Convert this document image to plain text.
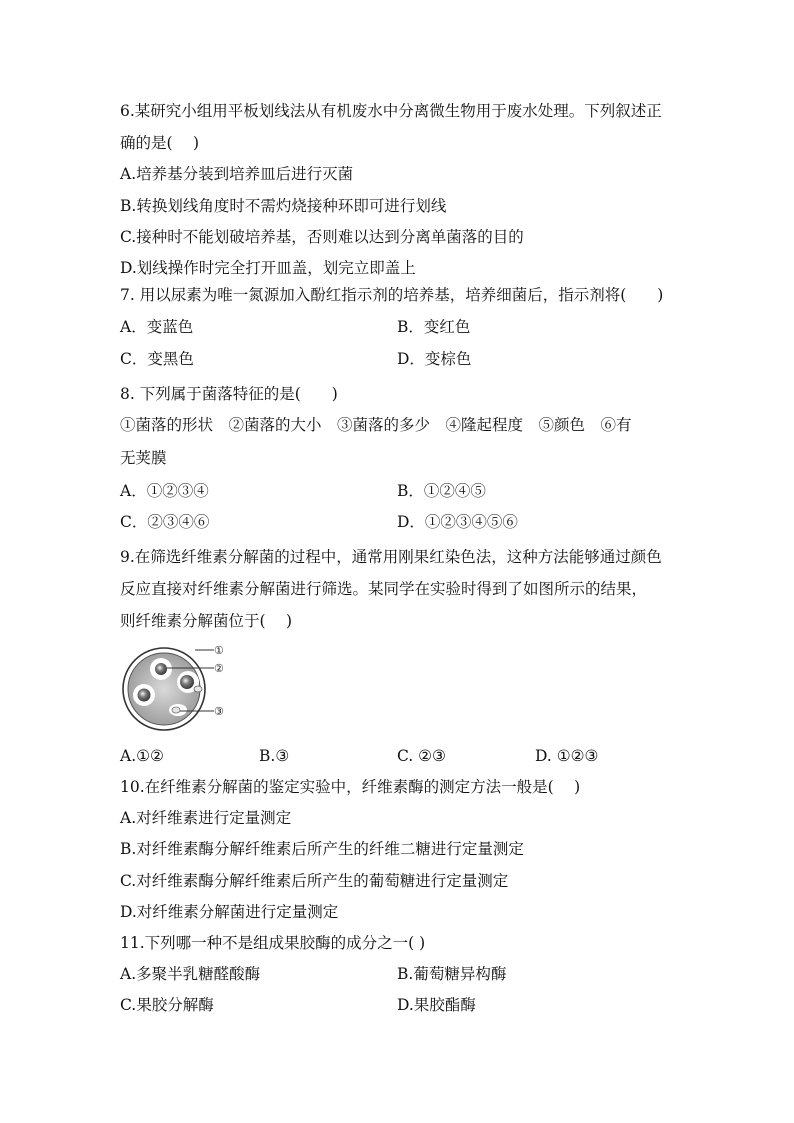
6.某研究小组用平板划线法从有机废水中分离微生物用于废水处理。下列叙述正
确的是(　 )
A.培养基分装到培养皿后进行灭菌
B.转换划线角度时不需灼烧接种环即可进行划线
C.接种时不能划破培养基，否则难以达到分离单菌落的目的
D.划线操作时完全打开皿盖，划完立即盖上
7. 用以尿素为唯一氮源加入酚红指示剂的培养基，培养细菌后，指示剂将(　　)
A．变蓝色	B．变红色
C．变黑色	D．变棕色
8. 下列属于菌落特征的是(　　)
①菌落的形状　②菌落的大小　③菌落的多少　④隆起程度　⑤颜色　⑥有
无荚膜
A．①②③④	B．①②④⑤
C．②③④⑥	D．①②③④⑤⑥
9.在筛选纤维素分解菌的过程中，通常用刚果红染色法，这种方法能够通过颜色
反应直接对纤维素分解菌进行筛选。某同学在实验时得到了如图所示的结果，
则纤维素分解菌位于(　 )
①
②
③
A.①②	B.③	C. ②③	D. ①②③
10.在纤维素分解菌的鉴定实验中，纤维素酶的测定方法一般是(　 )
A.对纤维素进行定量测定
B.对纤维素酶分解纤维素后所产生的纤维二糖进行定量测定
C.对纤维素酶分解纤维素后所产生的葡萄糖进行定量测定
D.对纤维素分解菌进行定量测定
11.下列哪一种不是组成果胶酶的成分之一( )
A.多聚半乳糖醛酸酶	B.葡萄糖异构酶
C.果胶分解酶	D.果胶酯酶
